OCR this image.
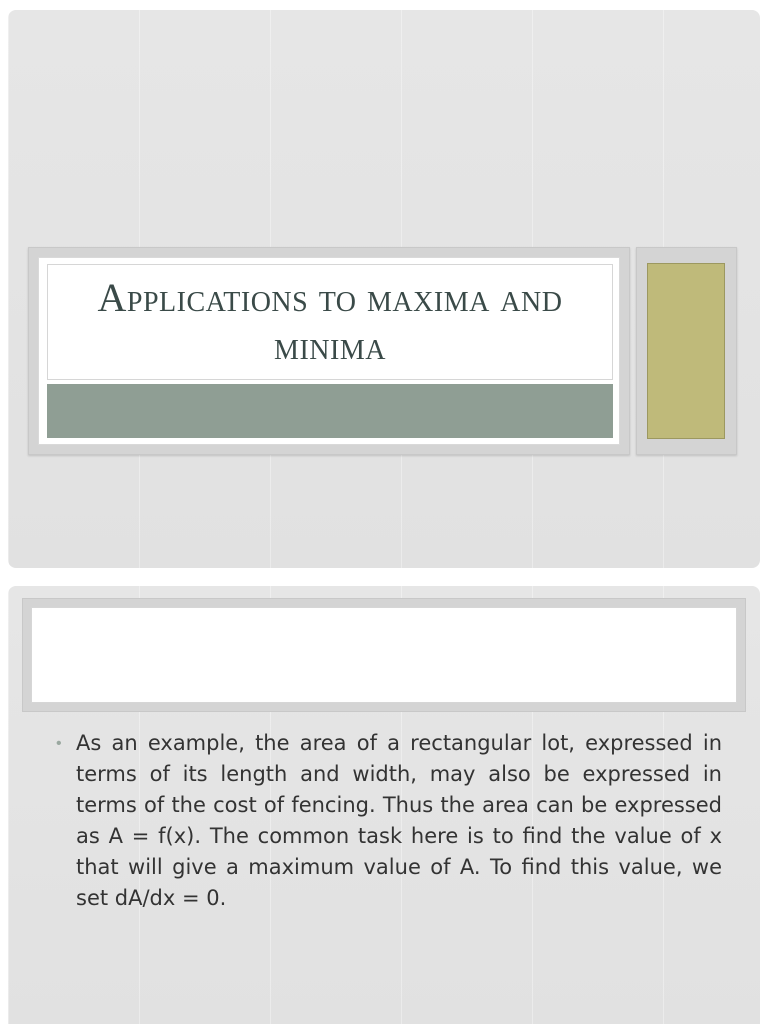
Applications to maxima and minima
• As an example, the area of a rectangular lot, expressed in terms of its length and width, may also be expressed in terms of the cost of fencing. Thus the area can be expressed as A = f(x). The common task here is to find the value of x that will give a maximum value of A. To find this value, we set dA/dx = 0.
